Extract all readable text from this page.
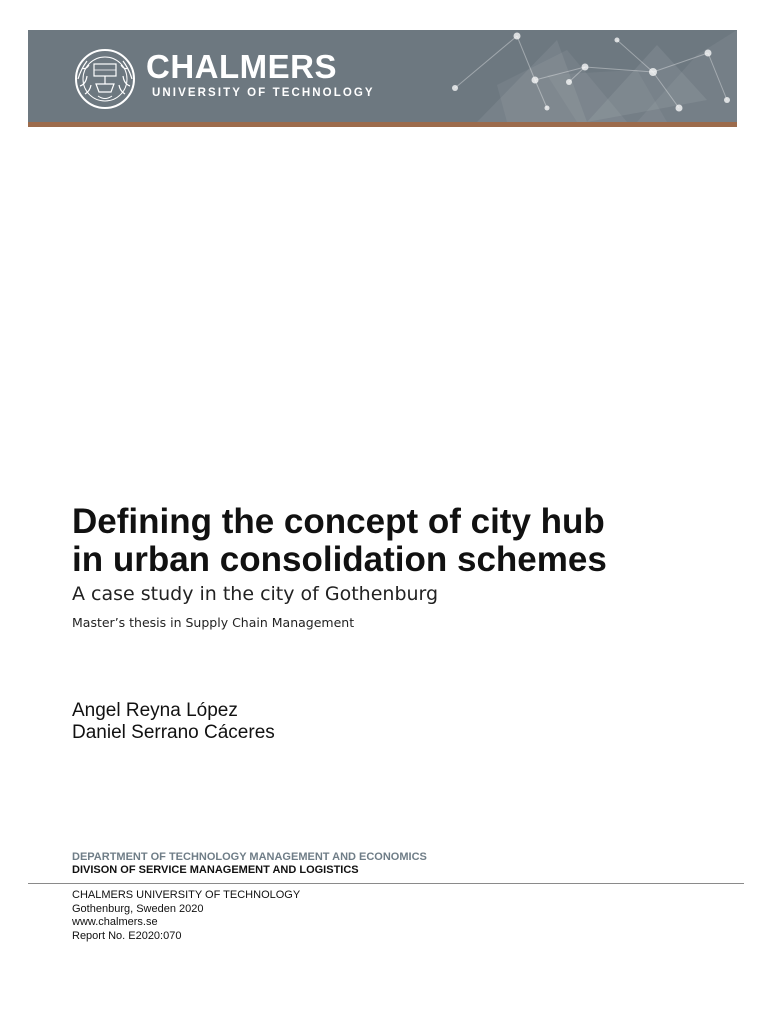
CHALMERS
UNIVERSITY OF TECHNOLOGY
Defining the concept of city hub
in urban consolidation schemes
A case study in the city of Gothenburg
Master’s thesis in Supply Chain Management
Angel Reyna López
Daniel Serrano Cáceres
DEPARTMENT OF TECHNOLOGY MANAGEMENT AND ECONOMICS
DIVISON OF SERVICE MANAGEMENT AND LOGISTICS
CHALMERS UNIVERSITY OF TECHNOLOGY
Gothenburg, Sweden 2020
www.chalmers.se
Report No. E2020:070
